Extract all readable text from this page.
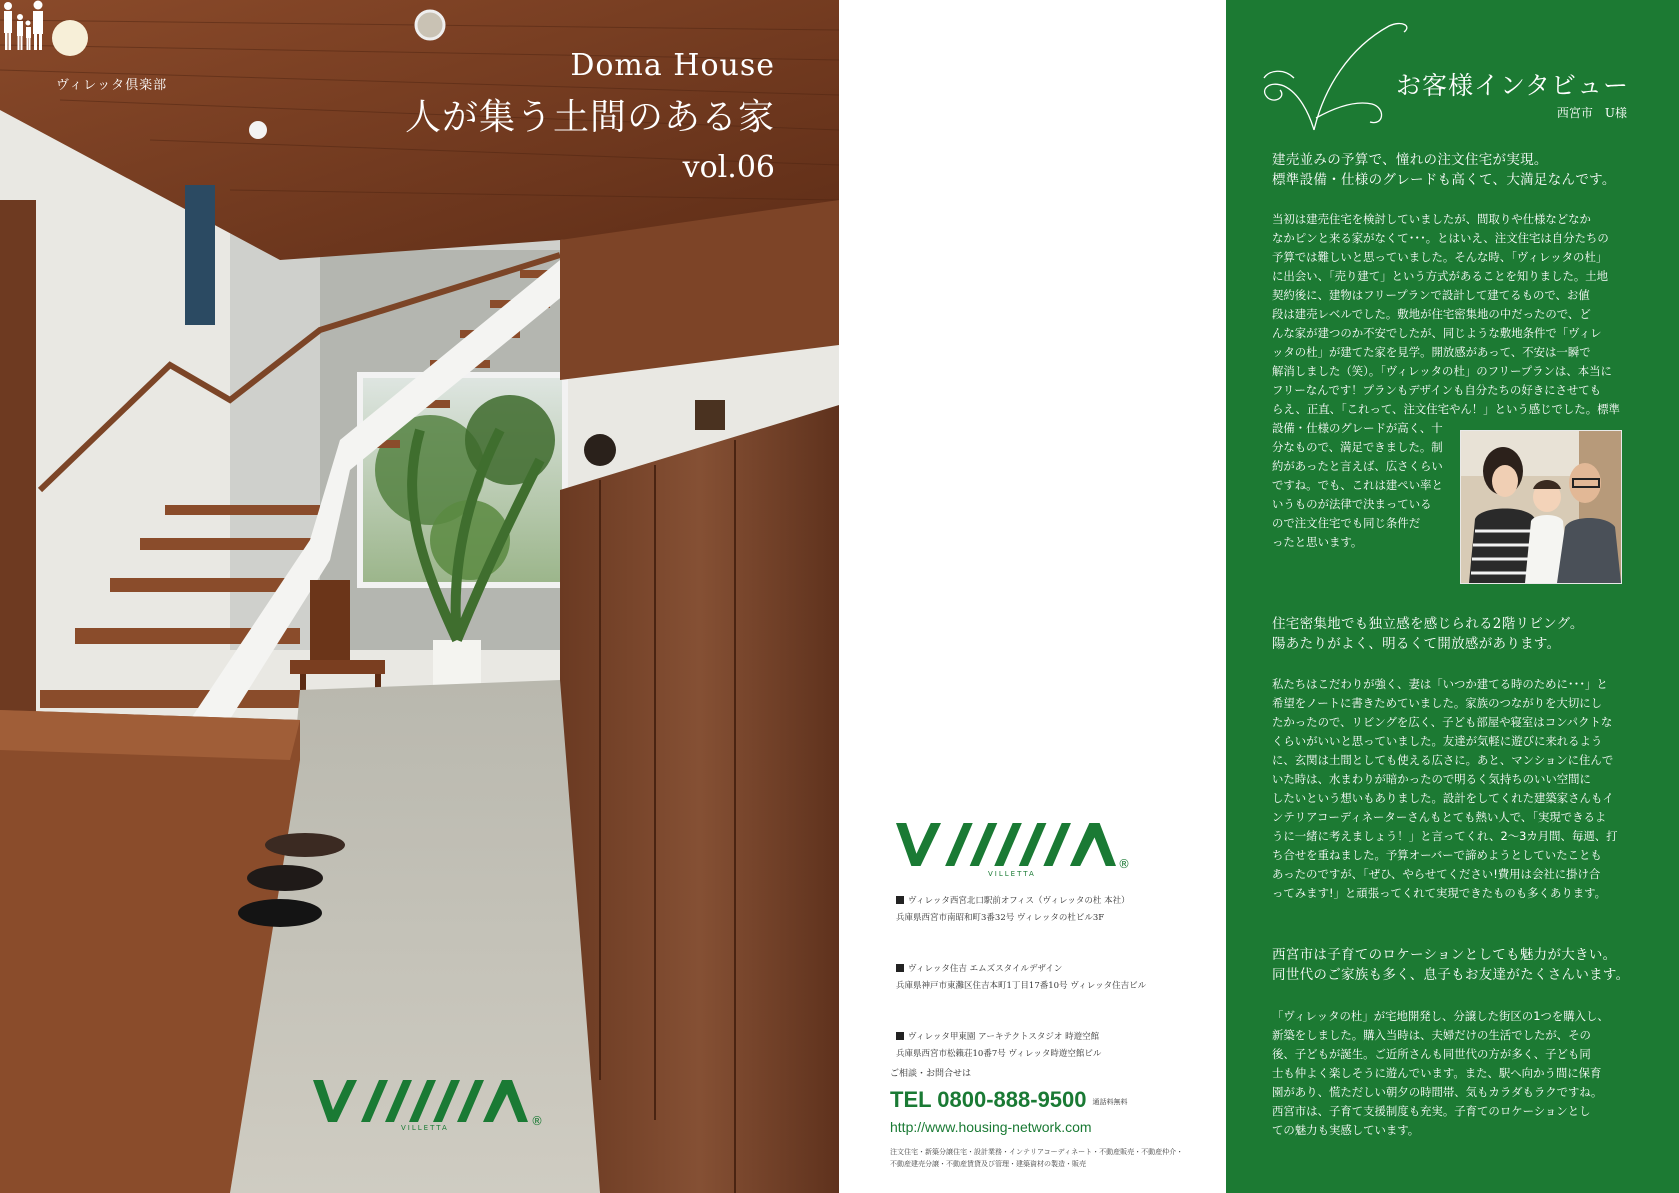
ヴィレッタ倶楽部
Doma House
人が集う土間のある家
vol.06
®
VILLETTA
®
VILLETTA
ヴィレッタ西宮北口駅前オフィス（ヴィレッタの杜 本社）
兵庫県西宮市南昭和町3番32号 ヴィレッタの杜ビル3F
ヴィレッタ住吉 エムズスタイルデザイン
兵庫県神戸市東灘区住吉本町1丁目17番10号 ヴィレッタ住吉ビル
ヴィレッタ甲東園 アーキテクトスタジオ 時遊空館
兵庫県西宮市松籟荘10番7号 ヴィレッタ時遊空館ビル
ご相談・お問合せは
TEL 0800-888-9500 通話料無料
http://www.housing-network.com
注文住宅・新築分譲住宅・設計業務・インテリアコーディネート・不動産販売・不動産仲介・
不動産建売分譲・不動産賃貸及び管理・建築資材の製造・販売
お客様インタビュー
西宮市　U様
建売並みの予算で、憧れの注文住宅が実現。
標準設備・仕様のグレードも高くて、大満足なんです。

当初は建売住宅を検討していましたが、間取りや仕様などなか

なかピンと来る家がなくて･･･。とはいえ、注文住宅は自分たちの

予算では難しいと思っていました。そんな時、「ヴィレッタの杜」

に出会い、「売り建て」という方式があることを知りました。土地

契約後に、建物はフリープランで設計して建てるもので、お値

段は建売レベルでした。敷地が住宅密集地の中だったので、ど

んな家が建つのか不安でしたが、同じような敷地条件で「ヴィレ

ッタの杜」が建てた家を見学。開放感があって、不安は一瞬で

解消しました（笑）。「ヴィレッタの杜」のフリープランは、本当に

フリーなんです！プランもデザインも自分たちの好きにさせても

らえ、正直、「これって、注文住宅やん！」という感じでした。標準

設備・仕様のグレードが高く、十

分なもので、満足できました。制

約があったと言えば、広さくらい

ですね。でも、これは建ぺい率と

いうものが法律で決まっている

ので注文住宅でも同じ条件だ

ったと思います。

住宅密集地でも独立感を感じられる2階リビング。
陽あたりがよく、明るくて開放感があります。

私たちはこだわりが強く、妻は「いつか建てる時のために･･･」と

希望をノートに書きためていました。家族のつながりを大切にし

たかったので、リビングを広く、子ども部屋や寝室はコンパクトな

くらいがいいと思っていました。友達が気軽に遊びに来れるよう

に、玄関は土間としても使える広さに。あと、マンションに住んで

いた時は、水まわりが暗かったので明るく気持ちのいい空間に

したいという想いもありました。設計をしてくれた建築家さんもイ

ンテリアコーディネーターさんもとても熱い人で、「実現できるよ

うに一緒に考えましょう！」と言ってくれ、2〜3カ月間、毎週、打

ち合せを重ねました。予算オーバーで諦めようとしていたことも

あったのですが、「ぜひ、やらせてください!費用は会社に掛け合

ってみます!」と頑張ってくれて実現できたものも多くあります。

西宮市は子育てのロケーションとしても魅力が大きい。
同世代のご家族も多く、息子もお友達がたくさんいます。

「ヴィレッタの杜」が宅地開発し、分譲した街区の1つを購入し、

新築をしました。購入当時は、夫婦だけの生活でしたが、その

後、子どもが誕生。ご近所さんも同世代の方が多く、子ども同

士も仲よく楽しそうに遊んでいます。また、駅へ向かう間に保育

園があり、慌ただしい朝夕の時間帯、気もカラダもラクですね。

西宮市は、子育て支援制度も充実。子育てのロケーションとし

ての魅力も実感しています。
